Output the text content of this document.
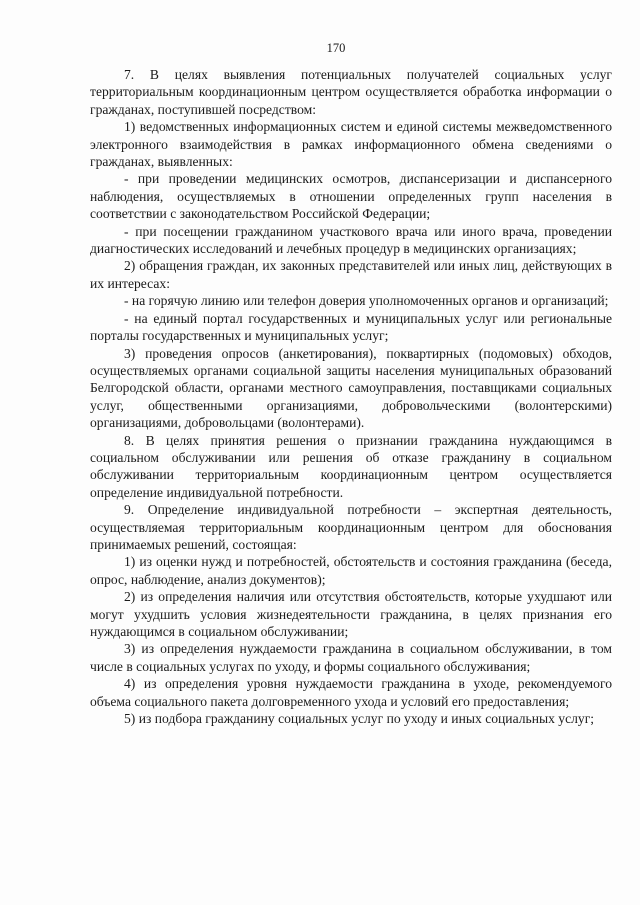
170

7. В целях выявления потенциальных получателей социальных услуг территориальным координационным центром осуществляется обработка информации о гражданах, поступившей посредством:

1) ведомственных информационных систем и единой системы межведомственного электронного взаимодействия в рамках информационного обмена сведениями о гражданах, выявленных:

- при проведении медицинских осмотров, диспансеризации и диспансерного наблюдения, осуществляемых в отношении определенных групп населения в соответствии с законодательством Российской Федерации;

- при посещении гражданином участкового врача или иного врача, проведении диагностических исследований и лечебных процедур в медицинских организациях;

2) обращения граждан, их законных представителей или иных лиц, действующих в их интересах:

- на горячую линию или телефон доверия уполномоченных органов и организаций;

- на единый портал государственных и муниципальных услуг или региональные порталы государственных и муниципальных услуг;

3) проведения опросов (анкетирования), поквартирных (подомовых) обходов, осуществляемых органами социальной защиты населения муниципальных образований Белгородской области, органами местного самоуправления, поставщиками социальных услуг, общественными организациями, добровольческими (волонтерскими) организациями, добровольцами (волонтерами).

8. В целях принятия решения о признании гражданина нуждающимся в социальном обслуживании или решения об отказе гражданину в социальном обслуживании территориальным координационным центром осуществляется определение индивидуальной потребности.

9. Определение индивидуальной потребности – экспертная деятельность, осуществляемая территориальным координационным центром для обоснования принимаемых решений, состоящая:

1) из оценки нужд и потребностей, обстоятельств и состояния гражданина (беседа, опрос, наблюдение, анализ документов);

2) из определения наличия или отсутствия обстоятельств, которые ухудшают или могут ухудшить условия жизнедеятельности гражданина, в целях признания его нуждающимся в социальном обслуживании;

3) из определения нуждаемости гражданина в социальном обслуживании, в том числе в социальных услугах по уходу, и формы социального обслуживания;

4) из определения уровня нуждаемости гражданина в уходе, рекомендуемого объема социального пакета долговременного ухода и условий его предоставления;

5) из подбора гражданину социальных услуг по уходу и иных социальных услуг;
